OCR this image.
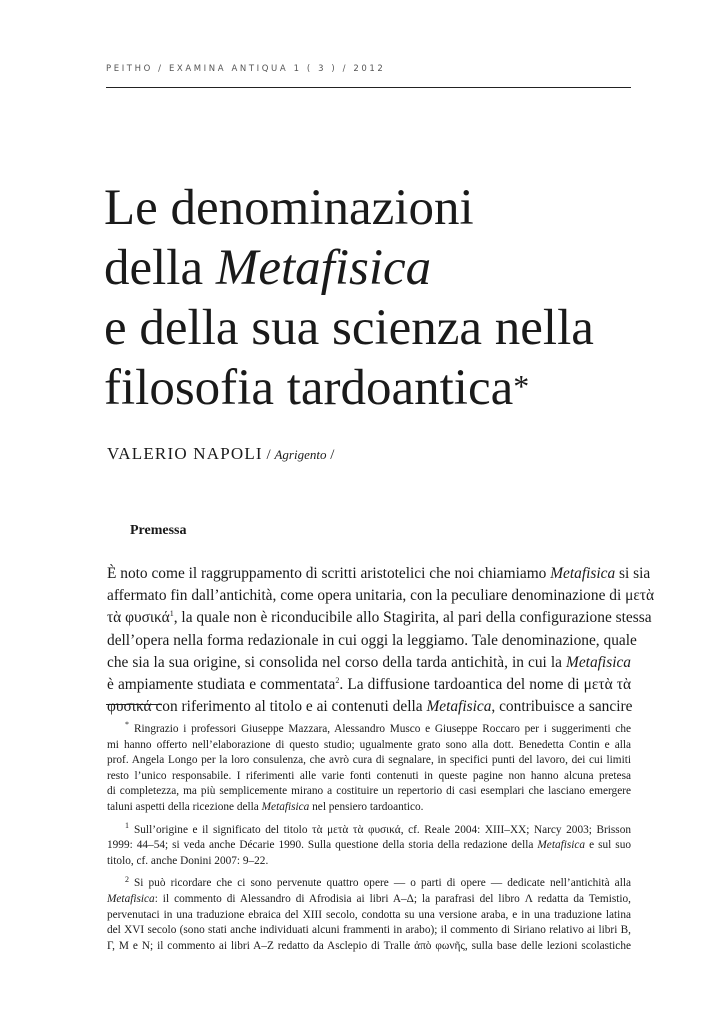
PEITHO / EXAMINA ANTIQUA 1 ( 3 ) / 2012
Le denominazioni
della Metafisica
e della sua scienza nella
filosofia tardoantica*
VALERIO NAPOLI / Agrigento /
Premessa
È noto come il raggruppamento di scritti aristotelici che noi chiamiamo Metafisica si sia
affermato fin dall’antichità, come opera unitaria, con la peculiare denominazione di μετὰ
τὰ φυσικά$^1$, la quale non è riconducibile allo Stagirita, al pari della configurazione stessa
dell’opera nella forma redazionale in cui oggi la leggiamo. Tale denominazione, quale
che sia la sua origine, si consolida nel corso della tarda antichità, in cui la Metafisica
è ampiamente studiata e commentata$^2$. La diffusione tardoantica del nome di μετὰ τὰ
φυσικά con riferimento al titolo e ai contenuti della Metafisica, contribuisce a sancire
* Ringrazio i professori Giuseppe Mazzara, Alessandro Musco e Giuseppe Roccaro per i suggerimenti che
mi hanno offerto nell’elaborazione di questo studio; ugualmente grato sono alla dott. Benedetta Contin e alla
prof. Angela Longo per la loro consulenza, che avrò cura di segnalare, in specifici punti del lavoro, dei cui limiti
resto l’unico responsabile. I riferimenti alle varie fonti contenuti in queste pagine non hanno alcuna pretesa
di completezza, ma più semplicemente mirano a costituire un repertorio di casi esemplari che lasciano emergere
taluni aspetti della ricezione della Metafisica nel pensiero tardoantico.
$^1$ Sull’origine e il significato del titolo τὰ μετὰ τὰ φυσικά, cf. Reale 2004: XIII–XX; Narcy 2003; Brisson
1999: 44–54; si veda anche Décarie 1990. Sulla questione della storia della redazione della Metafisica e sul suo
titolo, cf. anche Donini 2007: 9–22.
$^2$ Si può ricordare che ci sono pervenute quattro opere — o parti di opere — dedicate nell’antichità alla
Metafisica: il commento di Alessandro di Afrodisia ai libri A–Δ; la parafrasi del libro Λ redatta da Temistio,
pervenutaci in una traduzione ebraica del XIII secolo, condotta su una versione araba, e in una traduzione latina
del XVI secolo (sono stati anche individuati alcuni frammenti in arabo); il commento di Siriano relativo ai libri B,
Γ, M e N; il commento ai libri A–Z redatto da Asclepio di Tralle ἀπὸ φωνῆς, sulla base delle lezioni scolastiche
